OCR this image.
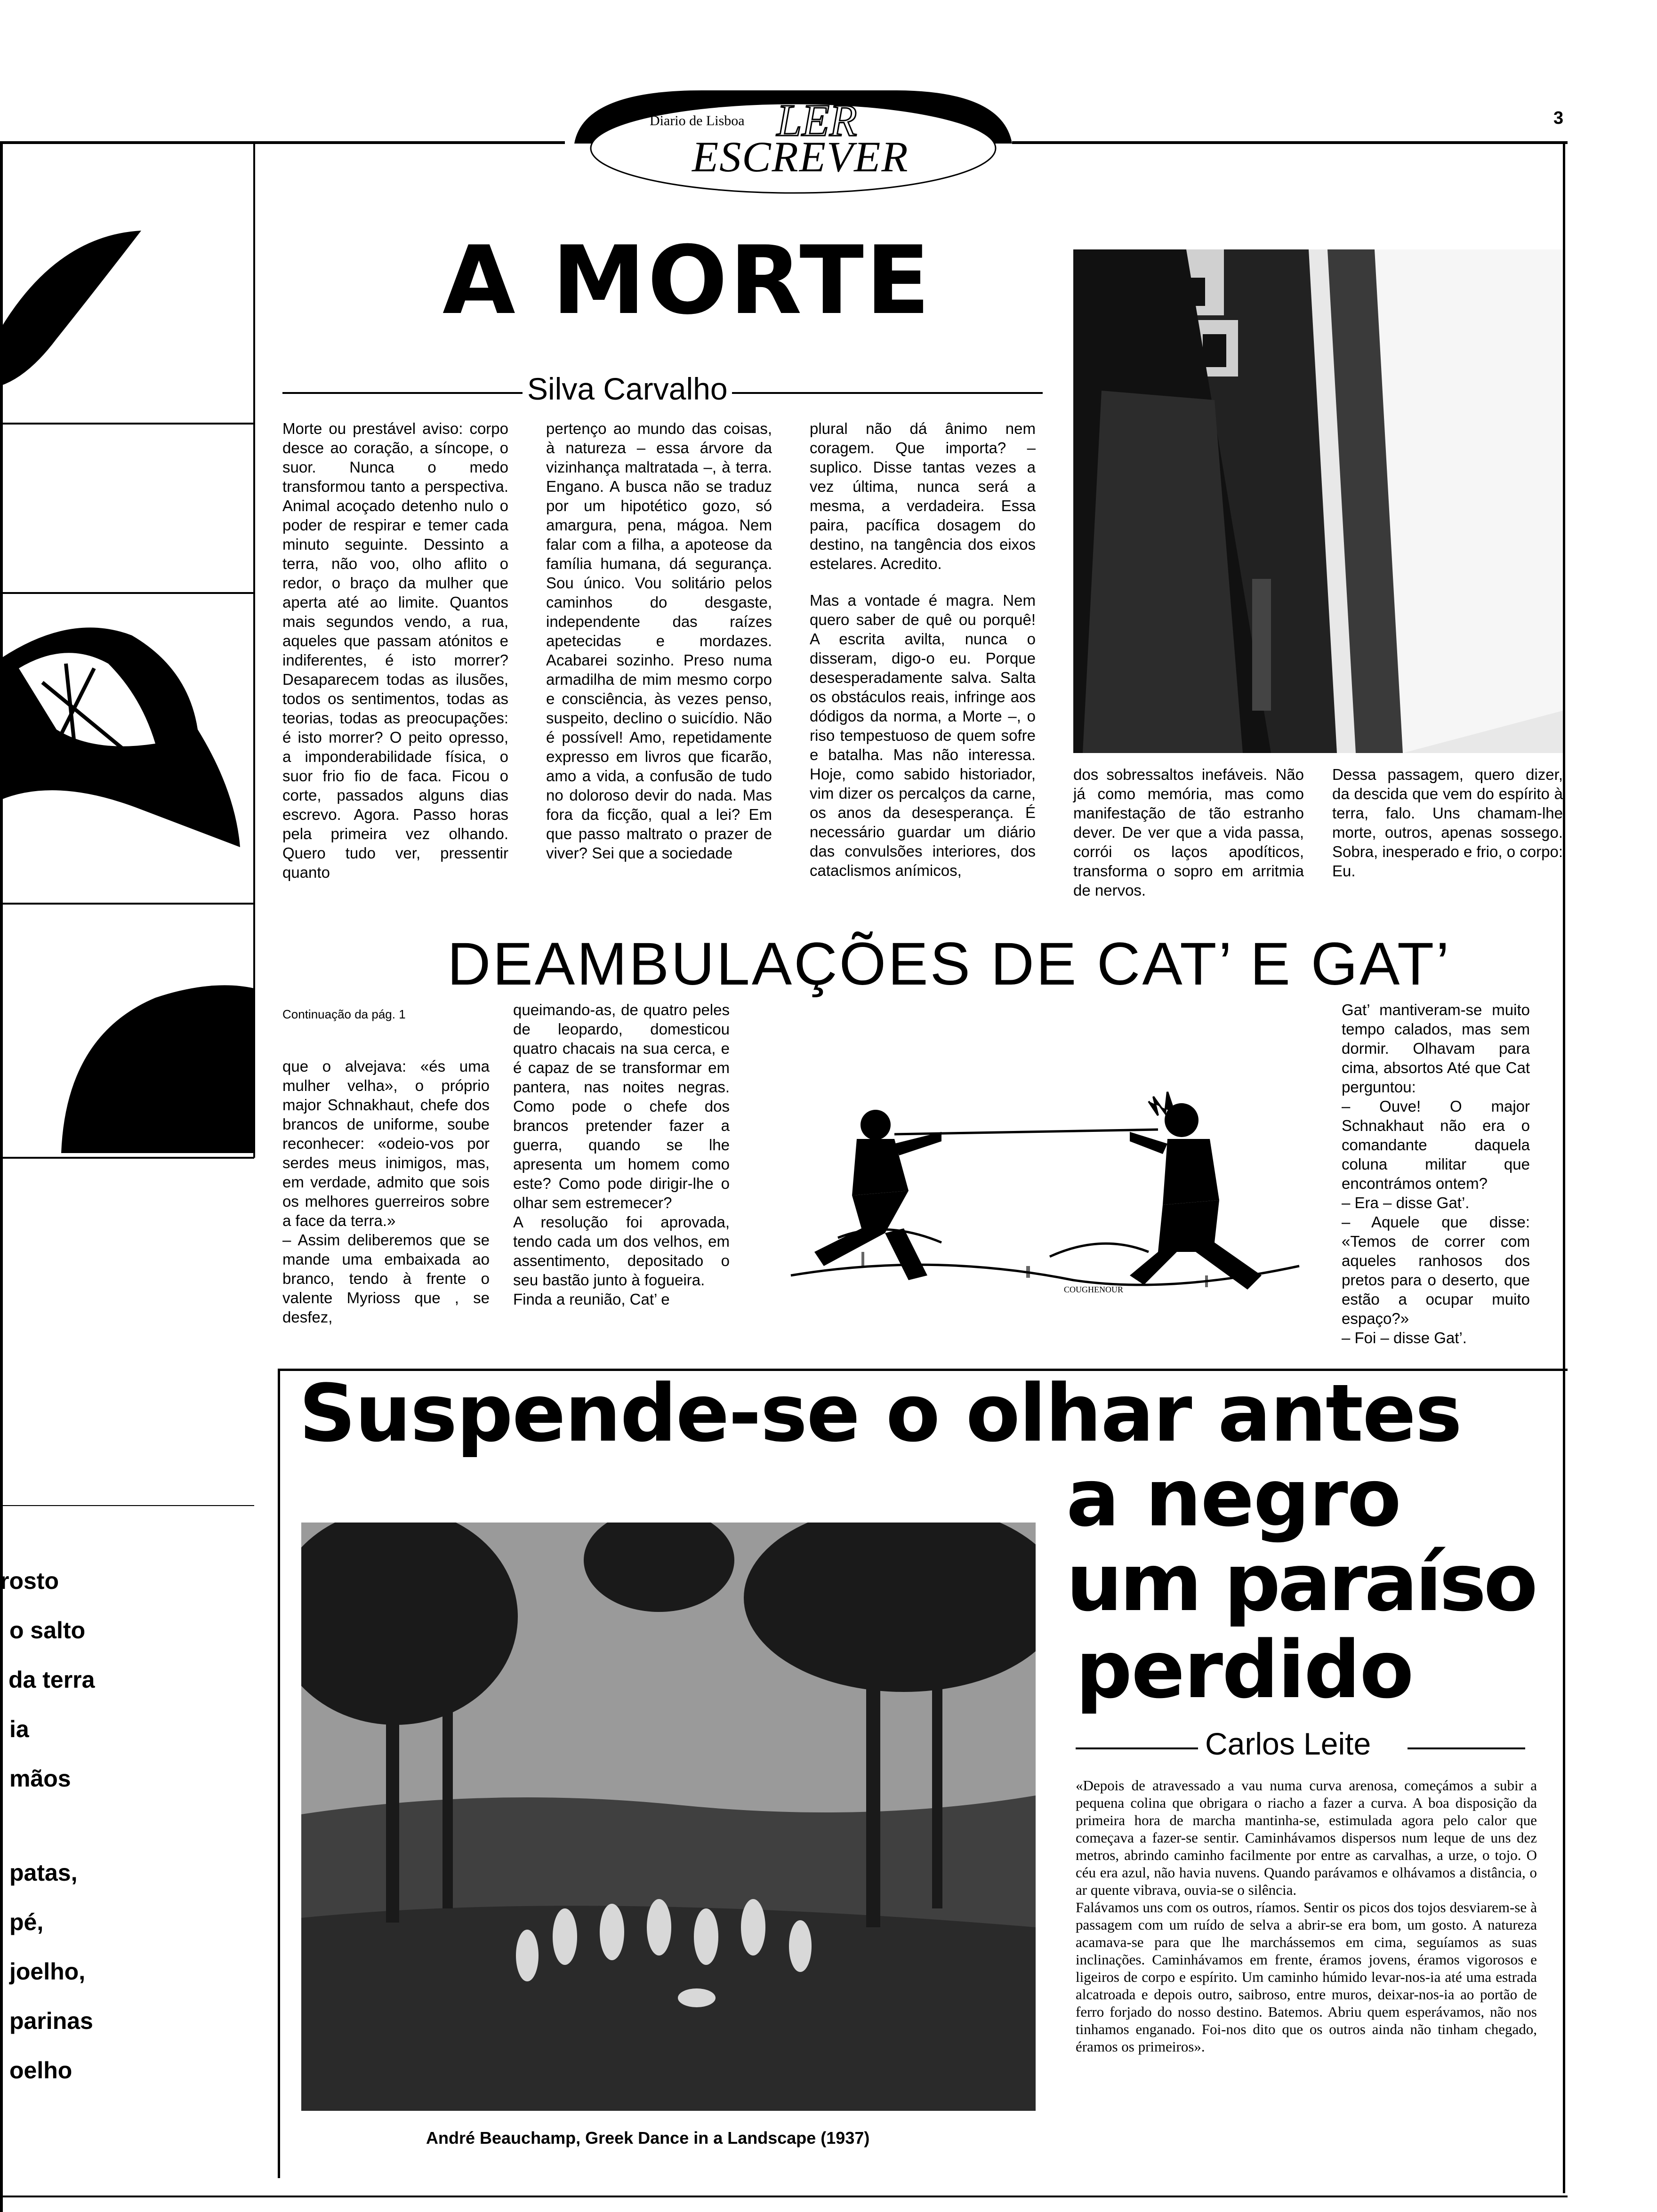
Diario de Lisboa LER
ESCREVER
3
A MORTE
Silva Carvalho
Morte ou prestável aviso: corpo desce ao coração, a síncope, o suor. Nunca o medo transformou tanto a perspectiva. Animal acoçado detenho nulo o poder de respirar e temer cada minuto seguinte. Dessinto a terra, não voo, olho aflito o redor, o braço da mulher que aperta até ao limite. Quantos mais segundos vendo, a rua, aqueles que passam atónitos e indiferentes, é isto morrer? Desaparecem todas as ilusões, todos os sentimentos, todas as teorias, todas as preocupações: é isto morrer? O peito opresso, a imponderabilidade física, o suor frio fio de faca. Ficou o corte, passados alguns dias escrevo. Agora. Passo horas pela primeira vez olhando. Quero tudo ver, pressentir quanto
pertenço ao mundo das coisas, à natureza – essa árvore da vizinhança maltratada –, à terra. Engano. A busca não se traduz por um hipotético gozo, só amargura, pena, mágoa. Nem falar com a filha, a apoteose da família humana, dá segurança. Sou único. Vou solitário pelos caminhos do desgaste, independente das raízes apetecidas e mordazes. Acabarei sozinho. Preso numa armadilha de mim mesmo corpo e consciência, às vezes penso, suspeito, declino o suicídio. Não é possível! Amo, repetidamente expresso em livros que ficarão, amo a vida, a confusão de tudo no doloroso devir do nada. Mas fora da ficção, qual a lei? Em que passo maltrato o prazer de viver? Sei que a sociedade
plural não dá ânimo nem coragem. Que importa? – suplico. Disse tantas vezes a vez última, nunca será a mesma, a verdadeira. Essa paira, pacífica dosagem do destino, na tangência dos eixos estelares. Acredito.
Mas a vontade é magra. Nem quero saber de quê ou porquê! A escrita avilta, nunca o disseram, digo-o eu. Porque desesperadamente salva. Salta os obstáculos reais, infringe aos dódigos da norma, a Morte –, o riso tempestuoso de quem sofre e batalha. Mas não interessa. Hoje, como sabido historiador, vim dizer os percalços da carne, os anos da desesperança. É necessário guardar um diário das convulsões interiores, dos cataclismos anímicos,
dos sobressaltos inefáveis. Não já como memória, mas como manifestação de tão estranho dever. De ver que a vida passa, corrói os laços apodíticos, transforma o sopro em arritmia de nervos.
Dessa passagem, quero dizer, da descida que vem do espírito à terra, falo. Uns chamam-lhe morte, outros, apenas sossego. Sobra, inesperado e frio, o corpo: Eu.
DEAMBULAÇÕES DE CAT’ E GAT’
Continuação da pág. 1
que o alvejava: «és uma mulher velha», o próprio major Schnakhaut, chefe dos brancos de uniforme, soube reconhecer: «odeio-vos por serdes meus inimigos, mas, em verdade, admito que sois os melhores guerreiros sobre a face da terra.»
– Assim deliberemos que se mande uma embaixada ao branco, tendo à frente o valente Myrioss que , se desfez,
queimando-as, de quatro peles de leopardo, domesticou quatro chacais na sua cerca, e é capaz de se transformar em pantera, nas noites negras. Como pode o chefe dos brancos pretender fazer a guerra, quando se lhe apresenta um homem como este? Como pode dirigir-lhe o olhar sem estremecer?
A resolução foi aprovada, tendo cada um dos velhos, em assentimento, depositado o seu bastão junto à fogueira.
Finda a reunião, Cat’ e
Gat’ mantiveram-se muito tempo calados, mas sem dormir. Olhavam para cima, absortos Até que Cat perguntou:
– Ouve! O major Schnakhaut não era o comandante daquela coluna militar que encontrámos ontem?
– Era – disse Gat’.
– Aquele que disse: «Temos de correr com aqueles ranhosos dos pretos para o deserto, que estão a ocupar muito espaço?»
– Foi – disse Gat’.
COUGHENOUR
Suspende-se o olhar antes
a negro
um paraíso
perdido
Carlos Leite
«Depois de atravessado a vau numa curva arenosa, começámos a subir a pequena colina que obrigara o riacho a fazer a curva. A boa disposição da primeira hora de marcha mantinha-se, estimulada agora pelo calor que começava a fazer-se sentir. Caminhávamos dispersos num leque de uns dez metros, abrindo caminho facilmente por entre as carvalhas, a urze, o tojo. O céu era azul, não havia nuvens. Quando parávamos e olhávamos a distância, o ar quente vibrava, ouvia-se o silência.
Falávamos uns com os outros, ríamos. Sentir os picos dos tojos desviarem-se à passagem com um ruído de selva a abrir-se era bom, um gosto. A natureza acamava-se para que lhe marchássemos em cima, seguíamos as suas inclinações. Caminhávamos em frente, éramos jovens, éramos vigorosos e ligeiros de corpo e espírito. Um caminho húmido levar-nos-ia até uma estrada alcatroada e depois outro, saibroso, entre muros, deixar-nos-ia ao portão de ferro forjado do nosso destino. Batemos. Abriu quem esperávamos, não nos tinhamos enganado. Foi-nos dito que os outros ainda não tinham chegado, éramos os primeiros».
André Beauchamp, Greek Dance in a Landscape (1937)
rosto
o salto
da terra
ia
mãos
patas,
pé,
joelho,
parinas
oelho
